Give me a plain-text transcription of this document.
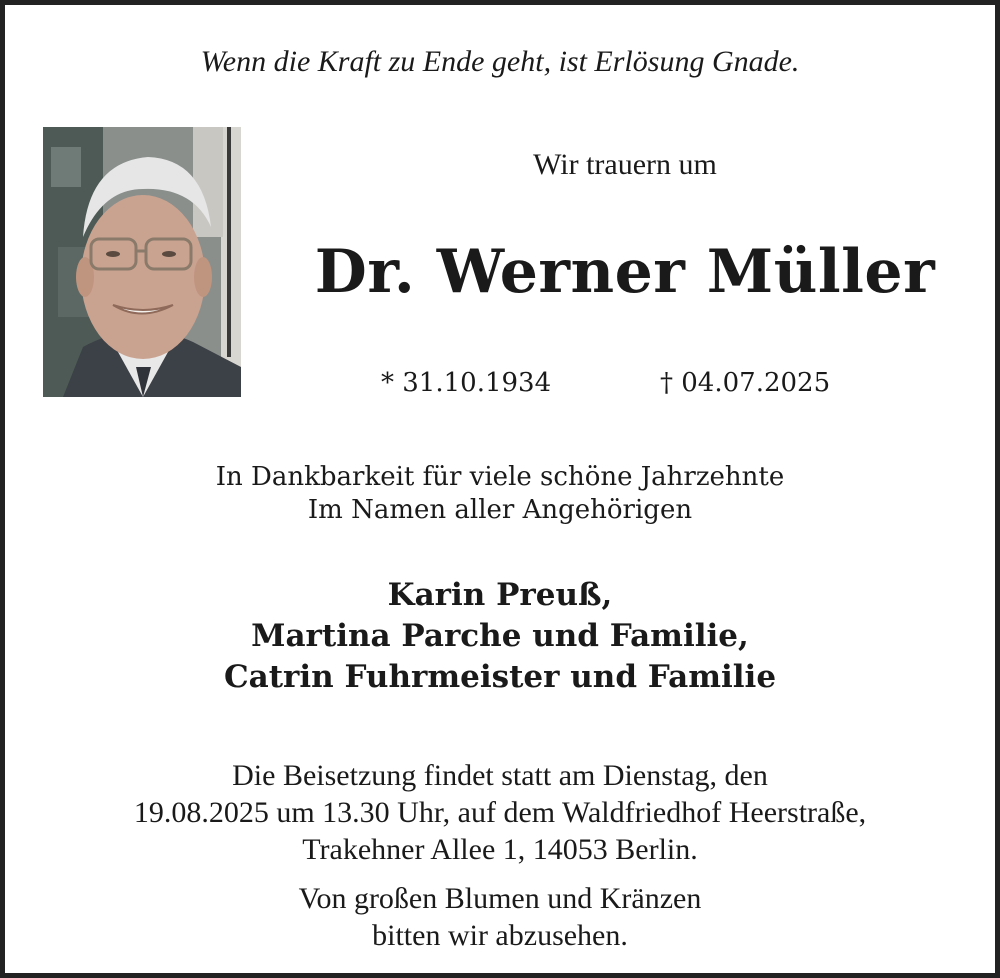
Wenn die Kraft zu Ende geht, ist Erlösung Gnade.
Wir trauern um
Dr. Werner Müller
* 31.10.1934	† 04.07.2025
In Dankbarkeit für viele schöne Jahrzehnte
Im Namen aller Angehörigen
Karin Preuß,
Martina Parche und Familie,
Catrin Fuhrmeister und Familie
Die Beisetzung findet statt am Dienstag, den
19.08.2025 um 13.30 Uhr, auf dem Waldfriedhof Heerstraße,
Trakehner Allee 1, 14053 Berlin.
Von großen Blumen und Kränzen
bitten wir abzusehen.
